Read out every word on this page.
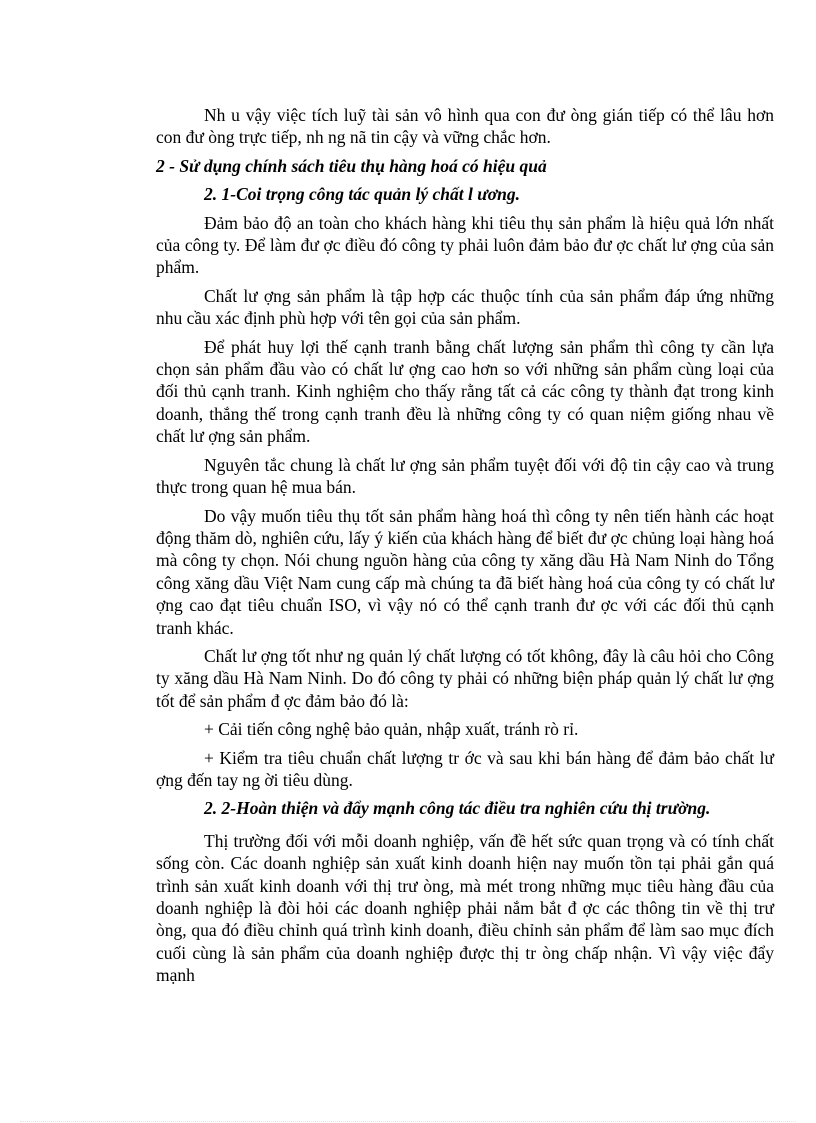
Nh u vậy việc tích luỹ tài sản vô hình qua con đư òng gián tiếp có thể lâu hơn con đư òng trực tiếp, nh ng nã tin cậy và vững chắc hơn.

2 - Sử dụng chính sách tiêu thụ hàng hoá có hiệu quả

2. 1-Coi trọng công tác quản lý chất l ương.

Đảm bảo độ an toàn cho khách hàng khi tiêu thụ sản phẩm là hiệu quả lớn nhất của công ty. Để làm đư ợc điều đó công ty phải luôn đảm bảo đư ợc chất lư ợng của sản phẩm.

Chất lư ợng sản phẩm là tập hợp các thuộc tính của sản phẩm đáp ứng những nhu cầu xác định phù hợp với tên gọi của sản phẩm.

Để phát huy lợi thế cạnh tranh bằng chất lượng sản phẩm thì công ty cần lựa chọn sản phẩm đầu vào có chất lư ợng cao hơn so với những sản phẩm cùng loại của đối thủ cạnh tranh. Kinh nghiệm cho thấy rằng tất cả các công ty thành đạt trong kinh doanh, thắng thế trong cạnh tranh đều là những công ty có quan niệm giống nhau về chất lư ợng sản phẩm.

Nguyên tắc chung là chất lư ợng sản phẩm tuyệt đối với độ tin cậy cao và trung thực trong quan hệ mua bán.

Do vậy muốn tiêu thụ tốt sản phẩm hàng hoá thì công ty nên tiến hành các hoạt động thăm dò, nghiên cứu, lấy ý kiến của khách hàng để biết đư ợc chủng loại hàng hoá mà công ty chọn. Nói chung nguồn hàng của công ty xăng dầu Hà Nam Ninh do Tổng công xăng dầu Việt Nam cung cấp mà chúng ta đã biết hàng hoá của công ty có chất lư ợng cao đạt tiêu chuẩn ISO, vì vậy nó có thể cạnh tranh đư ợc với các đối thủ cạnh tranh khác.

Chất lư ợng tốt như ng quản lý chất lượng có tốt không, đây là câu hỏi cho Công ty xăng dầu Hà Nam Ninh. Do đó công ty phải có những biện pháp quản lý chất lư ợng tốt để sản phẩm đ ợc đảm bảo đó là:

+ Cải tiến công nghệ bảo quản, nhập xuất, tránh rò rỉ.

+ Kiểm tra tiêu chuẩn chất lượng tr ớc và sau khi bán hàng để đảm bảo chất lư ợng đến tay ng ời tiêu dùng.

2. 2-Hoàn thiện và đẩy mạnh công tác điều tra nghiên cứu thị trường.

Thị trường đối với mỗi doanh nghiệp, vấn đề hết sức quan trọng và có tính chất sống còn. Các doanh nghiệp sản xuất kinh doanh hiện nay muốn tồn tại phải gắn quá trình sản xuất kinh doanh với thị trư òng, mà mét trong những mục tiêu hàng đầu của doanh nghiệp là đòi hỏi các doanh nghiệp phải nắm bắt đ ợc các thông tin về thị trư òng, qua đó điều chỉnh quá trình kinh doanh, điều chỉnh sản phẩm để làm sao mục đích cuối cùng là sản phẩm của doanh nghiệp được thị tr òng chấp nhận. Vì vậy việc đẩy mạnh
